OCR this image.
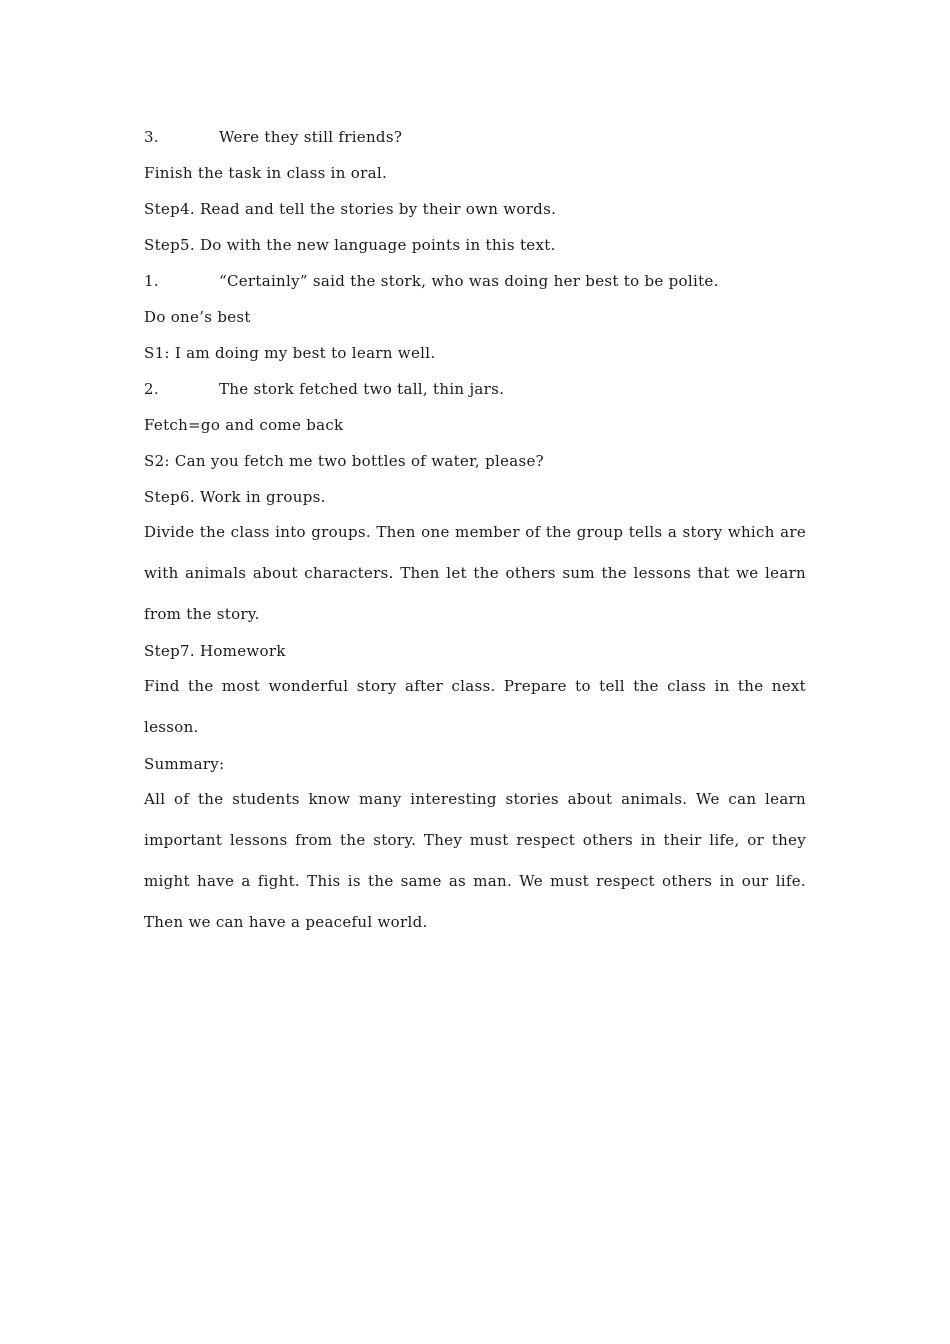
3.	Were they still friends?
Finish the task in class in oral.
Step4. Read and tell the stories by their own words.
Step5. Do with the new language points in this text.
1.	“Certainly” said the stork, who was doing her best to be polite.
Do one’s best
S1: I am doing my best to learn well.
2.	The stork fetched two tall, thin jars.
Fetch=go and come back
S2: Can you fetch me two bottles of water, please?
Step6. Work in groups.
Divide the class into groups. Then one member of the group tells a story which are with animals about characters. Then let the others sum the lessons that we learn from the story.
Step7. Homework
Find the most wonderful story after class. Prepare to tell the class in the next lesson.
Summary:
All of the students know many interesting stories about animals. We can learn important lessons from the story. They must respect others in their life, or they might have a fight. This is the same as man. We must respect others in our life. Then we can have a peaceful world.
